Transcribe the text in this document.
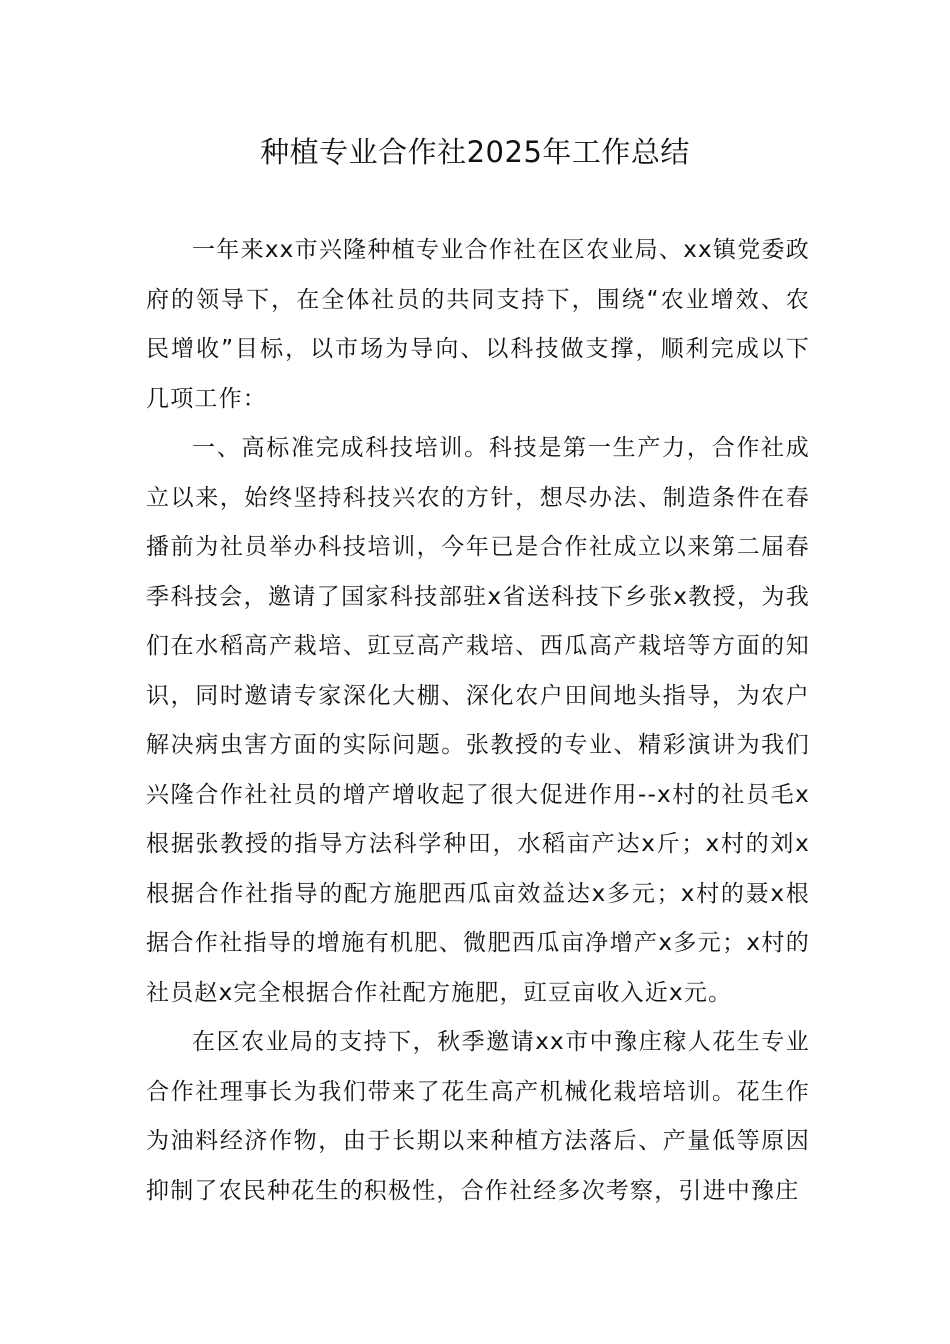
种植专业合作社2025年工作总结

一年来xx市兴隆种植专业合作社在区农业局、xx镇党委政府的领导下，在全体社员的共同支持下，围绕“农业增效、农民增收”目标，以市场为导向、以科技做支撑，顺利完成以下几项工作：

一、高标准完成科技培训。科技是第一生产力，合作社成立以来，始终坚持科技兴农的方针，想尽办法、制造条件在春播前为社员举办科技培训，今年已是合作社成立以来第二届春季科技会，邀请了国家科技部驻x省送科技下乡张x教授，为我们在水稻高产栽培、豇豆高产栽培、西瓜高产栽培等方面的知识，同时邀请专家深化大棚、深化农户田间地头指导，为农户解决病虫害方面的实际问题。张教授的专业、精彩演讲为我们兴隆合作社社员的增产增收起了很大促进作用--x村的社员毛x根据张教授的指导方法科学种田，水稻亩产达x斤；x村的刘x根据合作社指导的配方施肥西瓜亩效益达x多元；x村的聂x根据合作社指导的增施有机肥、微肥西瓜亩净增产x多元；x村的社员赵x完全根据合作社配方施肥，豇豆亩收入近x元。

在区农业局的支持下，秋季邀请xx市中豫庄稼人花生专业合作社理事长为我们带来了花生高产机械化栽培培训。花生作为油料经济作物，由于长期以来种植方法落后、产量低等原因抑制了农民种花生的积极性，合作社经多次考察，引进中豫庄
